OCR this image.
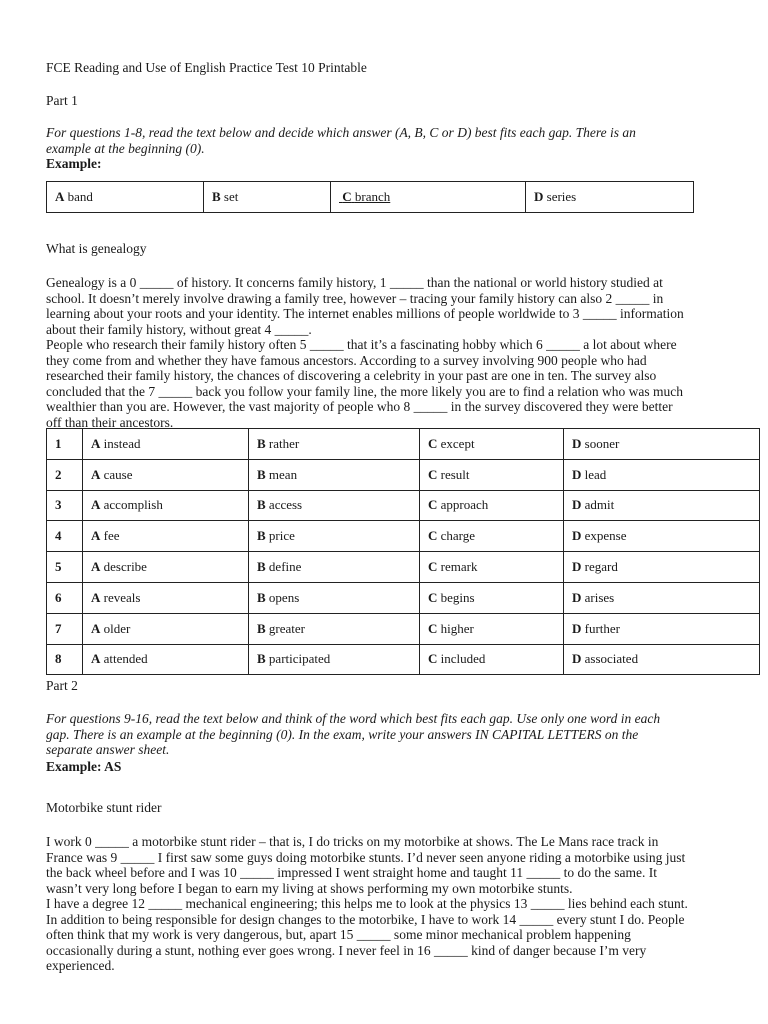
FCE Reading and Use of English Practice Test 10 Printable

Part 1

For questions 1-8, read the text below and decide which answer (A, B, C or D) best fits each gap. There is an

example at the beginning (0).

Example:

A band	B set	C branch	D series

What is genealogy

Genealogy is a 0 _____ of history. It concerns family history, 1 _____ than the national or world history studied at

school. It doesn’t merely involve drawing a family tree, however – tracing your family history can also 2 _____ in

learning about your roots and your identity. The internet enables millions of people worldwide to 3 _____ information

about their family history, without great 4 _____.

People who research their family history often 5 _____ that it’s a fascinating hobby which 6 _____ a lot about where

they come from and whether they have famous ancestors. According to a survey involving 900 people who had

researched their family history, the chances of discovering a celebrity in your past are one in ten. The survey also

concluded that the 7 _____ back you follow your family line, the more likely you are to find a relation who was much

wealthier than you are. However, the vast majority of people who 8 _____ in the survey discovered they were better

off than their ancestors.

1	A instead	B rather	C except	D sooner
2	A cause	B mean	C result	D lead
3	A accomplish	B access	C approach	D admit
4	A fee	B price	C charge	D expense
5	A describe	B define	C remark	D regard
6	A reveals	B opens	C begins	D arises
7	A older	B greater	C higher	D further
8	A attended	B participated	C included	D associated

Part 2

For questions 9-16, read the text below and think of the word which best fits each gap. Use only one word in each

gap. There is an example at the beginning (0). In the exam, write your answers IN CAPITAL LETTERS on the

separate answer sheet.

Example: AS

Motorbike stunt rider

I work 0 _____ a motorbike stunt rider – that is, I do tricks on my motorbike at shows. The Le Mans race track in

France was 9 _____ I first saw some guys doing motorbike stunts. I’d never seen anyone riding a motorbike using just

the back wheel before and I was 10 _____ impressed I went straight home and taught 11 _____ to do the same. It

wasn’t very long before I began to earn my living at shows performing my own motorbike stunts.

I have a degree 12 _____ mechanical engineering; this helps me to look at the physics 13 _____ lies behind each stunt.

In addition to being responsible for design changes to the motorbike, I have to work 14 _____ every stunt I do. People

often think that my work is very dangerous, but, apart 15 _____ some minor mechanical problem happening

occasionally during a stunt, nothing ever goes wrong. I never feel in 16 _____ kind of danger because I’m very

experienced.
